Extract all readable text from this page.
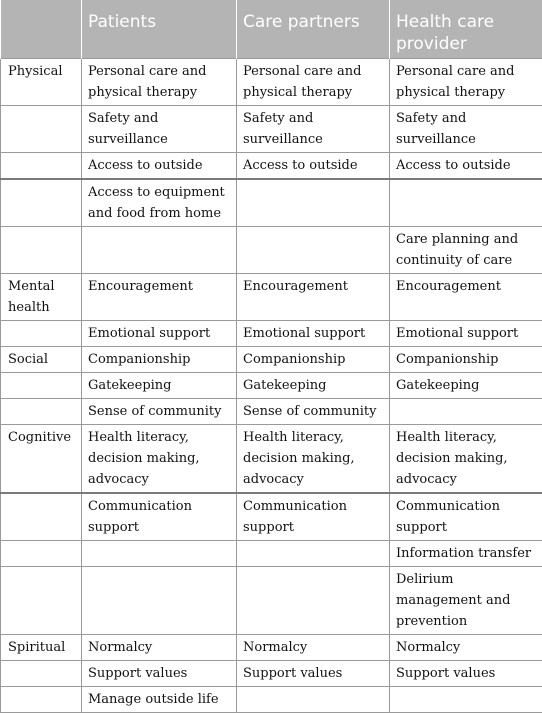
	Patients	Care partners	Health care provider
Physical	Personal care and physical therapy	Personal care and physical therapy	Personal care and physical therapy
	Safety and surveillance	Safety and surveillance	Safety and surveillance
	Access to outside	Access to outside	Access to outside
	Access to equipment and food from home		
			Care planning and continuity of care
Mental health	Encouragement	Encouragement	Encouragement
	Emotional support	Emotional support	Emotional support
Social	Companionship	Companionship	Companionship
	Gatekeeping	Gatekeeping	Gatekeeping
	Sense of community	Sense of community	
Cognitive	Health literacy, decision making, advocacy	Health literacy, decision making, advocacy	Health literacy, decision making, advocacy
	Communication support	Communication support	Communication support
			Information transfer
			Delirium management and prevention
Spiritual	Normalcy	Normalcy	Normalcy
	Support values	Support values	Support values
	Manage outside life		
